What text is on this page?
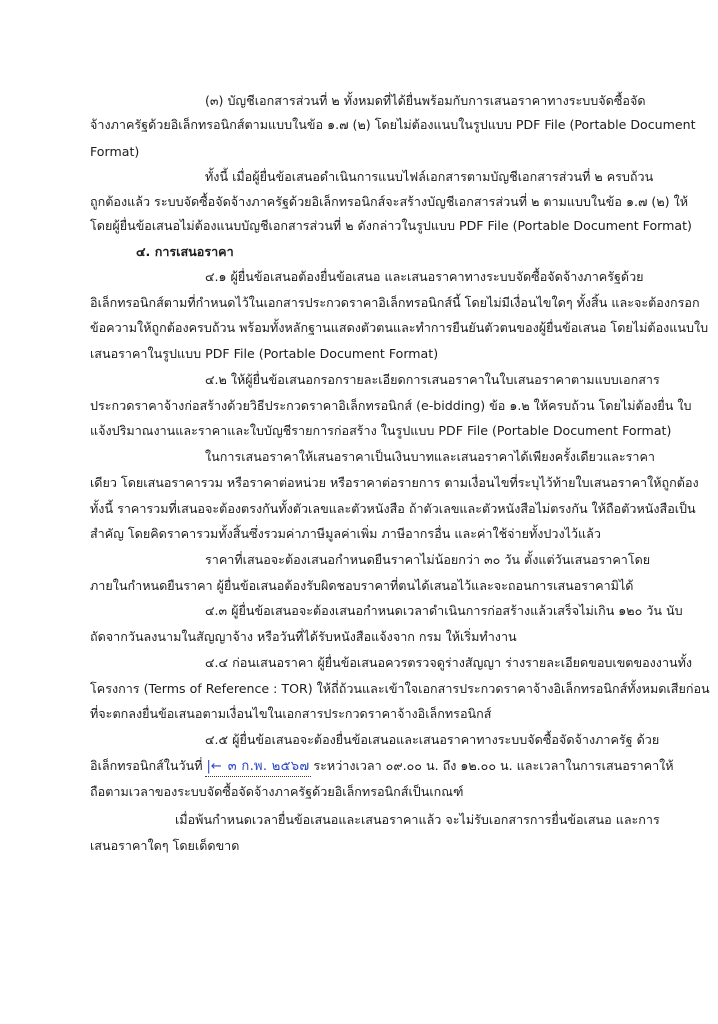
(๓) บัญชีเอกสารส่วนที่ ๒ ทั้งหมดที่ได้ยื่นพร้อมกับการเสนอราคาทางระบบจัดซื้อจัด

จ้างภาครัฐด้วยอิเล็กทรอนิกส์ตามแบบในข้อ ๑.๗ (๒) โดยไม่ต้องแนบในรูปแบบ PDF File (Portable Document

Format)

ทั้งนี้ เมื่อผู้ยื่นข้อเสนอดำเนินการแนบไฟล์เอกสารตามบัญชีเอกสารส่วนที่ ๒ ครบถ้วน

ถูกต้องแล้ว ระบบจัดซื้อจัดจ้างภาครัฐด้วยอิเล็กทรอนิกส์จะสร้างบัญชีเอกสารส่วนที่ ๒ ตามแบบในข้อ ๑.๗ (๒) ให้

โดยผู้ยื่นข้อเสนอไม่ต้องแนบบัญชีเอกสารส่วนที่ ๒ ดังกล่าวในรูปแบบ PDF File (Portable Document Format)

๔. การเสนอราคา

๔.๑ ผู้ยื่นข้อเสนอต้องยื่นข้อเสนอ และเสนอราคาทางระบบจัดซื้อจัดจ้างภาครัฐด้วย

อิเล็กทรอนิกส์ตามที่กำหนดไว้ในเอกสารประกวดราคาอิเล็กทรอนิกส์นี้ โดยไม่มีเงื่อนไขใดๆ ทั้งสิ้น และจะต้องกรอก

ข้อความให้ถูกต้องครบถ้วน พร้อมทั้งหลักฐานแสดงตัวตนและทำการยืนยันตัวตนของผู้ยื่นข้อเสนอ โดยไม่ต้องแนบใบ

เสนอราคาในรูปแบบ PDF File (Portable Document Format)

๔.๒ ให้ผู้ยื่นข้อเสนอกรอกรายละเอียดการเสนอราคาในใบเสนอราคาตามแบบเอกสาร

ประกวดราคาจ้างก่อสร้างด้วยวิธีประกวดราคาอิเล็กทรอนิกส์ (e-bidding) ข้อ ๑.๒ ให้ครบถ้วน โดยไม่ต้องยื่น ใบ

แจ้งปริมาณงานและราคาและใบบัญชีรายการก่อสร้าง ในรูปแบบ PDF File (Portable Document Format)

ในการเสนอราคาให้เสนอราคาเป็นเงินบาทและเสนอราคาได้เพียงครั้งเดียวและราคา

เดียว โดยเสนอราคารวม หรือราคาต่อหน่วย หรือราคาต่อรายการ ตามเงื่อนไขที่ระบุไว้ท้ายใบเสนอราคาให้ถูกต้อง

ทั้งนี้ ราคารวมที่เสนอจะต้องตรงกันทั้งตัวเลขและตัวหนังสือ ถ้าตัวเลขและตัวหนังสือไม่ตรงกัน ให้ถือตัวหนังสือเป็น

สำคัญ โดยคิดราคารวมทั้งสิ้นซึ่งรวมค่าภาษีมูลค่าเพิ่ม ภาษีอากรอื่น และค่าใช้จ่ายทั้งปวงไว้แล้ว

ราคาที่เสนอจะต้องเสนอกำหนดยืนราคาไม่น้อยกว่า ๓๐ วัน ตั้งแต่วันเสนอราคาโดย

ภายในกำหนดยืนราคา ผู้ยื่นข้อเสนอต้องรับผิดชอบราคาที่ตนได้เสนอไว้และจะถอนการเสนอราคามิได้

๔.๓ ผู้ยื่นข้อเสนอจะต้องเสนอกำหนดเวลาดำเนินการก่อสร้างแล้วเสร็จไม่เกิน ๑๒๐ วัน นับ

ถัดจากวันลงนามในสัญญาจ้าง หรือวันที่ได้รับหนังสือแจ้งจาก กรม ให้เริ่มทำงาน

๔.๔ ก่อนเสนอราคา ผู้ยื่นข้อเสนอควรตรวจดูร่างสัญญา ร่างรายละเอียดขอบเขตของงานทั้ง

โครงการ (Terms of Reference : TOR) ให้ถี่ถ้วนและเข้าใจเอกสารประกวดราคาจ้างอิเล็กทรอนิกส์ทั้งหมดเสียก่อน

ที่จะตกลงยื่นข้อเสนอตามเงื่อนไขในเอกสารประกวดราคาจ้างอิเล็กทรอนิกส์

๔.๕ ผู้ยื่นข้อเสนอจะต้องยื่นข้อเสนอและเสนอราคาทางระบบจัดซื้อจัดจ้างภาครัฐ ด้วย

อิเล็กทรอนิกส์ในวันที่ |← ๓ ก.พ. ๒๕๖๗ ระหว่างเวลา ๐๙.๐๐ น. ถึง ๑๒.๐๐ น. และเวลาในการเสนอราคาให้

ถือตามเวลาของระบบจัดซื้อจัดจ้างภาครัฐด้วยอิเล็กทรอนิกส์เป็นเกณฑ์

เมื่อพ้นกำหนดเวลายื่นข้อเสนอและเสนอราคาแล้ว จะไม่รับเอกสารการยื่นข้อเสนอ และการ

เสนอราคาใดๆ โดยเด็ดขาด
